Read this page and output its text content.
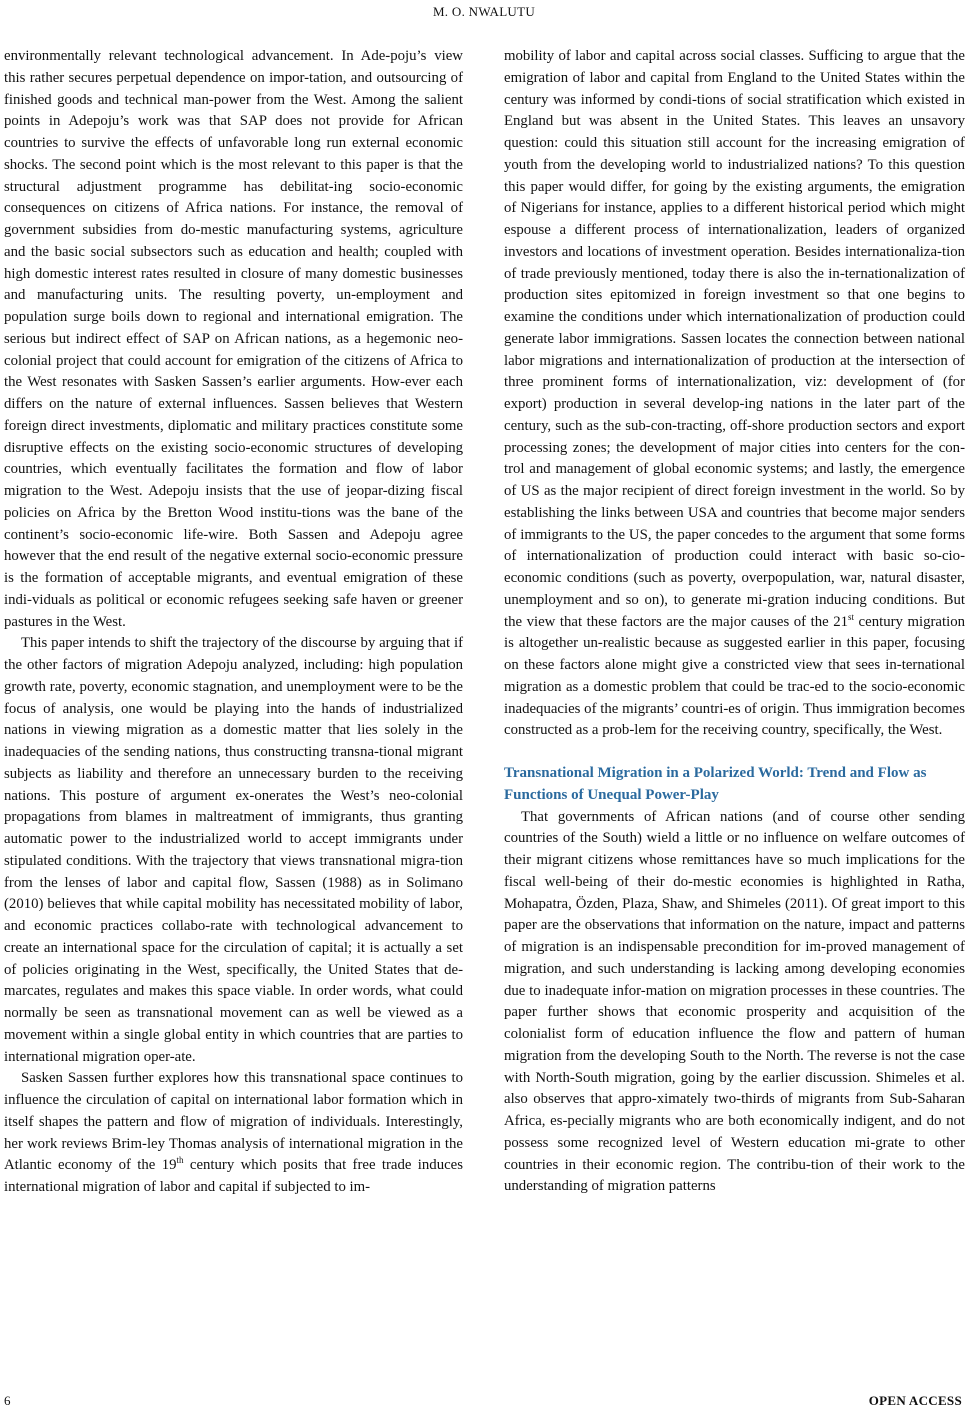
M. O. NWALUTU

environmentally relevant technological advancement. In Ade-poju’s view this rather secures perpetual dependence on impor-tation, and outsourcing of finished goods and technical man-power from the West. Among the salient points in Adepoju’s work was that SAP does not provide for African countries to survive the effects of unfavorable long run external economic shocks. The second point which is the most relevant to this paper is that the structural adjustment programme has debilitat-ing socio-economic consequences on citizens of Africa nations. For instance, the removal of government subsidies from do-mestic manufacturing systems, agriculture and the basic social subsectors such as education and health; coupled with high domestic interest rates resulted in closure of many domestic businesses and manufacturing units. The resulting poverty, un-employment and population surge boils down to regional and international emigration. The serious but indirect effect of SAP on African nations, as a hegemonic neo-colonial project that could account for emigration of the citizens of Africa to the West resonates with Sasken Sassen’s earlier arguments. How-ever each differs on the nature of external influences. Sassen believes that Western foreign direct investments, diplomatic and military practices constitute some disruptive effects on the existing socio-economic structures of developing countries, which eventually facilitates the formation and flow of labor migration to the West. Adepoju insists that the use of jeopar-dizing fiscal policies on Africa by the Bretton Wood institu-tions was the bane of the continent’s socio-economic life-wire. Both Sassen and Adepoju agree however that the end result of the negative external socio-economic pressure is the formation of acceptable migrants, and eventual emigration of these indi-viduals as political or economic refugees seeking safe haven or greener pastures in the West.

This paper intends to shift the trajectory of the discourse by arguing that if the other factors of migration Adepoju analyzed, including: high population growth rate, poverty, economic stagnation, and unemployment were to be the focus of analysis, one would be playing into the hands of industrialized nations in viewing migration as a domestic matter that lies solely in the inadequacies of the sending nations, thus constructing transna-tional migrant subjects as liability and therefore an unnecessary burden to the receiving nations. This posture of argument ex-onerates the West’s neo-colonial propagations from blames in maltreatment of immigrants, thus granting automatic power to the industrialized world to accept immigrants under stipulated conditions. With the trajectory that views transnational migra-tion from the lenses of labor and capital flow, Sassen (1988) as in Solimano (2010) believes that while capital mobility has necessitated mobility of labor, and economic practices collabo-rate with technological advancement to create an international space for the circulation of capital; it is actually a set of policies originating in the West, specifically, the United States that de-marcates, regulates and makes this space viable. In order words, what could normally be seen as transnational movement can as well be viewed as a movement within a single global entity in which countries that are parties to international migration oper-ate.

Sasken Sassen further explores how this transnational space continues to influence the circulation of capital on international labor formation which in itself shapes the pattern and flow of migration of individuals. Interestingly, her work reviews Brim-ley Thomas analysis of international migration in the Atlantic economy of the 19th century which posits that free trade induces international migration of labor and capital if subjected to im-

mobility of labor and capital across social classes. Sufficing to argue that the emigration of labor and capital from England to the United States within the century was informed by condi-tions of social stratification which existed in England but was absent in the United States. This leaves an unsavory question: could this situation still account for the increasing emigration of youth from the developing world to industrialized nations? To this question this paper would differ, for going by the existing arguments, the emigration of Nigerians for instance, applies to a different historical period which might espouse a different process of internationalization, leaders of organized investors and locations of investment operation. Besides internationaliza-tion of trade previously mentioned, today there is also the in-ternationalization of production sites epitomized in foreign investment so that one begins to examine the conditions under which internationalization of production could generate labor immigrations. Sassen locates the connection between national labor migrations and internationalization of production at the intersection of three prominent forms of internationalization, viz: development of (for export) production in several develop-ing nations in the later part of the century, such as the sub-con-tracting, off-shore production sectors and export processing zones; the development of major cities into centers for the con-trol and management of global economic systems; and lastly, the emergence of US as the major recipient of direct foreign investment in the world. So by establishing the links between USA and countries that become major senders of immigrants to the US, the paper concedes to the argument that some forms of internationalization of production could interact with basic so-cio-economic conditions (such as poverty, overpopulation, war, natural disaster, unemployment and so on), to generate mi-gration inducing conditions. But the view that these factors are the major causes of the 21st century migration is altogether un-realistic because as suggested earlier in this paper, focusing on these factors alone might give a constricted view that sees in-ternational migration as a domestic problem that could be trac-ed to the socio-economic inadequacies of the migrants’ countri-es of origin. Thus immigration becomes constructed as a prob-lem for the receiving country, specifically, the West.

Transnational Migration in a Polarized World: Trend and Flow as Functions of Unequal Power-Play

That governments of African nations (and of course other sending countries of the South) wield a little or no influence on welfare outcomes of their migrant citizens whose remittances have so much implications for the fiscal well-being of their do-mestic economies is highlighted in Ratha, Mohapatra, Özden, Plaza, Shaw, and Shimeles (2011). Of great import to this paper are the observations that information on the nature, impact and patterns of migration is an indispensable precondition for im-proved management of migration, and such understanding is lacking among developing economies due to inadequate infor-mation on migration processes in these countries. The paper further shows that economic prosperity and acquisition of the colonialist form of education influence the flow and pattern of human migration from the developing South to the North. The reverse is not the case with North-South migration, going by the earlier discussion. Shimeles et al. also observes that appro-ximately two-thirds of migrants from Sub-Saharan Africa, es-pecially migrants who are both economically indigent, and do not possess some recognized level of Western education mi-grate to other countries in their economic region. The contribu-tion of their work to the understanding of migration patterns

6	OPEN ACCESS
